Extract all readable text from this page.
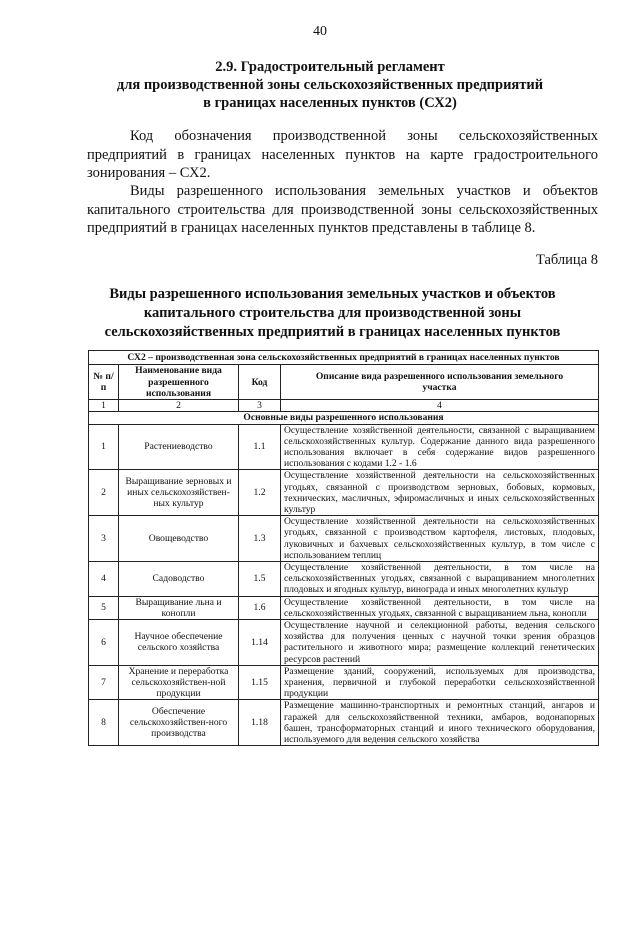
40
2.9. Градостроительный регламент
для производственной зоны сельскохозяйственных предприятий
в границах населенных пунктов (СХ2)
Код обозначения производственной зоны сельскохозяйственных предприятий в границах населенных пунктов на карте градостроительного зонирования – СХ2.
Виды разрешенного использования земельных участков и объектов капитального строительства для производственной зоны сельскохозяйственных предприятий в границах населенных пунктов представлены в таблице 8.
Таблица 8
Виды разрешенного использования земельных участков и объектов
капитального строительства для производственной зоны
сельскохозяйственных предприятий в границах населенных пунктов
СХ2 – производственная зона сельскохозяйственных предприятий в границах населенных пунктов			
№ п/п	Наименование вида разрешенного использования	Код	Описание вида разрешенного использования земельного участка
1	2	3	4
Основные виды разрешенного использования			
1	Растениеводство	1.1	Осуществление хозяйственной деятельности, связанной с выращиванием сельскохозяйственных культур. Содержание данного вида разрешенного использования включает в себя содержание видов разрешенного использования с кодами 1.2 - 1.6
2	Выращивание зерновых и иных сельскохозяйствен-ных культур	1.2	Осуществление хозяйственной деятельности на сельскохозяйственных угодьях, связанной с производством зерновых, бобовых, кормовых, технических, масличных, эфиромасличных и иных сельскохозяйственных культур
3	Овощеводство	1.3	Осуществление хозяйственной деятельности на сельскохозяйственных угодьях, связанной с производством картофеля, листовых, плодовых, луковичных и бахчевых сельскохозяйственных культур, в том числе с использованием теплиц
4	Садоводство	1.5	Осуществление хозяйственной деятельности, в том числе на сельскохозяйственных угодьях, связанной с выращиванием многолетних плодовых и ягодных культур, винограда и иных многолетних культур
5	Выращивание льна и конопли	1.6	Осуществление хозяйственной деятельности, в том числе на сельскохозяйственных угодьях, связанной с выращиванием льна, конопли
6	Научное обеспечение сельского хозяйства	1.14	Осуществление научной и селекционной работы, ведения сельского хозяйства для получения ценных с научной точки зрения образцов растительного и животного мира; размещение коллекций генетических ресурсов растений
7	Хранение и переработка сельскохозяйствен-ной продукции	1.15	Размещение зданий, сооружений, используемых для производства, хранения, первичной и глубокой переработки сельскохозяйственной продукции
8	Обеспечение сельскохозяйствен-ного производства	1.18	Размещение машинно-транспортных и ремонтных станций, ангаров и гаражей для сельскохозяйственной техники, амбаров, водонапорных башен, трансформаторных станций и иного технического оборудования, используемого для ведения сельского хозяйства
